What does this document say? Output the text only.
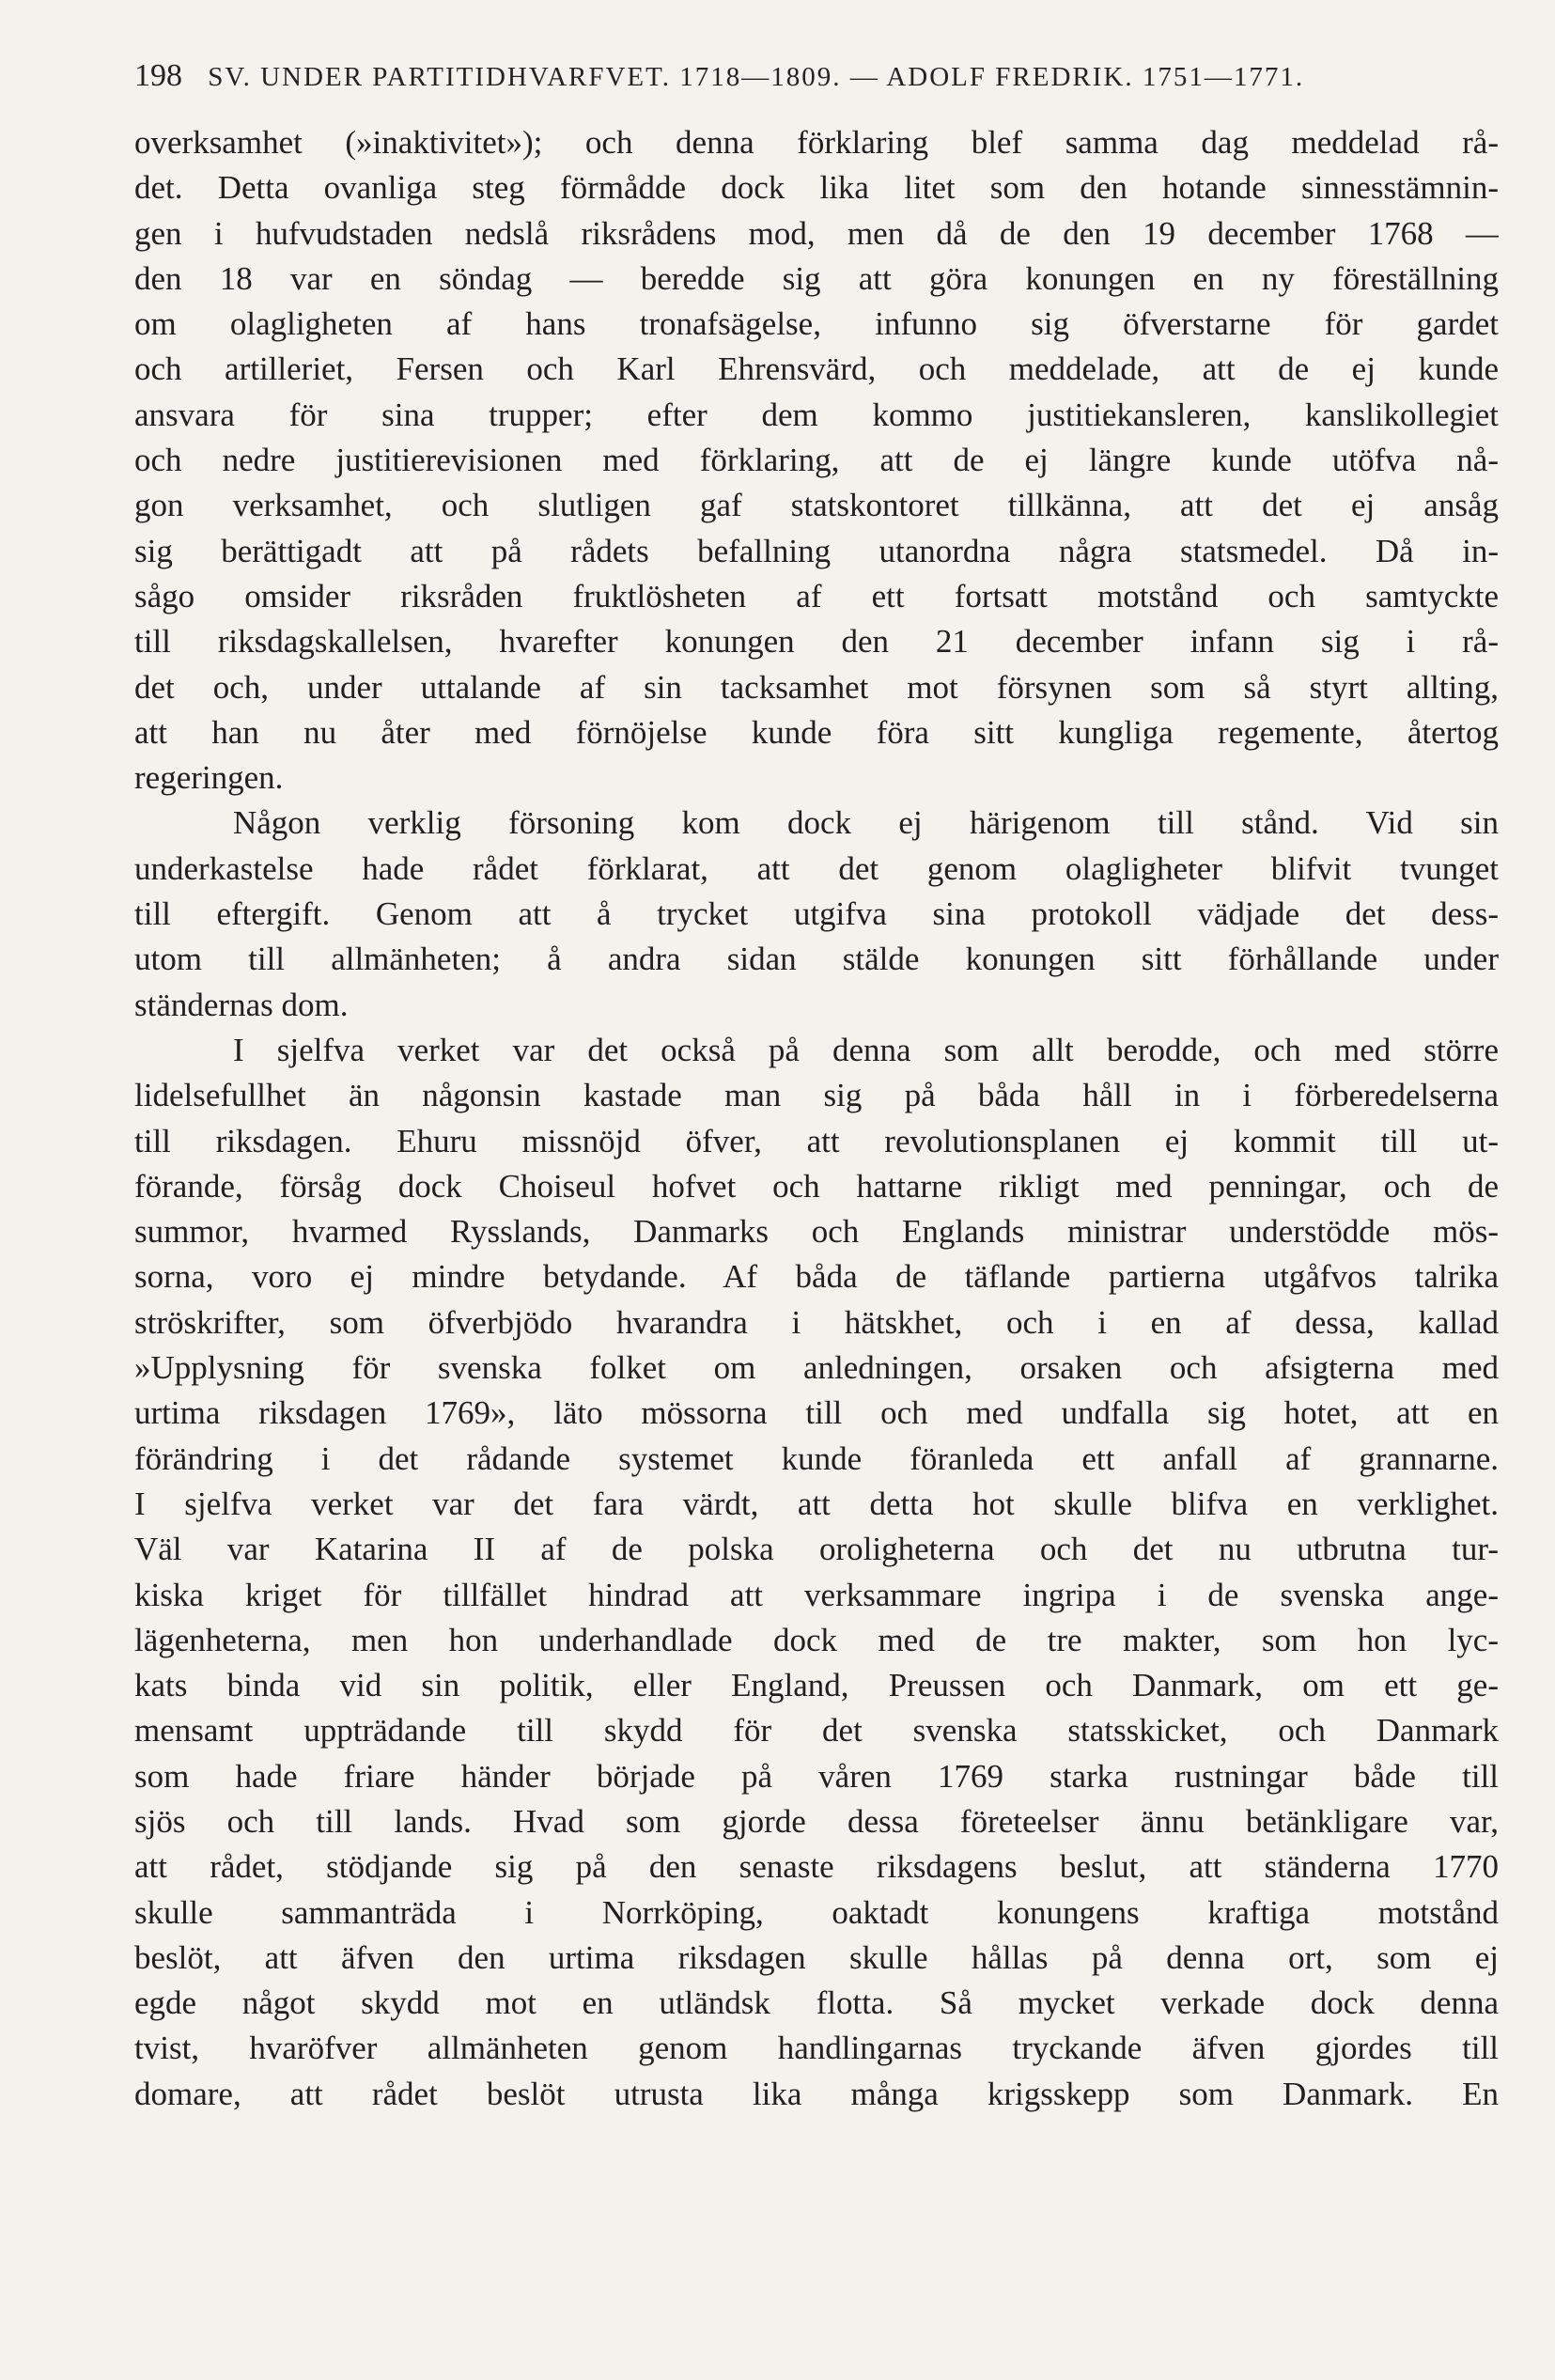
198 SV. UNDER PARTITIDHVARFVET. 1718—1809. — ADOLF FREDRIK. 1751—1771.
overksamhet (»inaktivitet»); och denna förklaring blef samma dag meddelad rå-
det. Detta ovanliga steg förmådde dock lika litet som den hotande sinnesstämnin-
gen i hufvudstaden nedslå riksrådens mod, men då de den 19 december 1768 —
den 18 var en söndag — beredde sig att göra konungen en ny föreställning
om olagligheten af hans tronafsägelse, infunno sig öfverstarne för gardet
och artilleriet, Fersen och Karl Ehrensvärd, och meddelade, att de ej kunde
ansvara för sina trupper; efter dem kommo justitiekansleren, kanslikollegiet
och nedre justitierevisionen med förklaring, att de ej längre kunde utöfva nå-
gon verksamhet, och slutligen gaf statskontoret tillkänna, att det ej ansåg
sig berättigadt att på rådets befallning utanordna några statsmedel. Då in-
sågo omsider riksråden fruktlösheten af ett fortsatt motstånd och samtyckte
till riksdagskallelsen, hvarefter konungen den 21 december infann sig i rå-
det och, under uttalande af sin tacksamhet mot försynen som så styrt allting,
att han nu åter med förnöjelse kunde föra sitt kungliga regemente, återtog
regeringen.
Någon verklig försoning kom dock ej härigenom till stånd. Vid sin
underkastelse hade rådet förklarat, att det genom olagligheter blifvit tvunget
till eftergift. Genom att å trycket utgifva sina protokoll vädjade det dess-
utom till allmänheten; å andra sidan stälde konungen sitt förhållande under
ständernas dom.
I sjelfva verket var det också på denna som allt berodde, och med större
lidelsefullhet än någonsin kastade man sig på båda håll in i förberedelserna
till riksdagen. Ehuru missnöjd öfver, att revolutionsplanen ej kommit till ut-
förande, försåg dock Choiseul hofvet och hattarne rikligt med penningar, och de
summor, hvarmed Rysslands, Danmarks och Englands ministrar understödde mös-
sorna, voro ej mindre betydande. Af båda de täflande partierna utgåfvos talrika
ströskrifter, som öfverbjödo hvarandra i hätskhet, och i en af dessa, kallad
»Upplysning för svenska folket om anledningen, orsaken och afsigterna med
urtima riksdagen 1769», läto mössorna till och med undfalla sig hotet, att en
förändring i det rådande systemet kunde föranleda ett anfall af grannarne.
I sjelfva verket var det fara värdt, att detta hot skulle blifva en verklighet.
Väl var Katarina II af de polska oroligheterna och det nu utbrutna tur-
kiska kriget för tillfället hindrad att verksammare ingripa i de svenska ange-
lägenheterna, men hon underhandlade dock med de tre makter, som hon lyc-
kats binda vid sin politik, eller England, Preussen och Danmark, om ett ge-
mensamt uppträdande till skydd för det svenska statsskicket, och Danmark
som hade friare händer började på våren 1769 starka rustningar både till
sjös och till lands. Hvad som gjorde dessa företeelser ännu betänkligare var,
att rådet, stödjande sig på den senaste riksdagens beslut, att ständerna 1770
skulle sammanträda i Norrköping, oaktadt konungens kraftiga motstånd
beslöt, att äfven den urtima riksdagen skulle hållas på denna ort, som ej
egde något skydd mot en utländsk flotta. Så mycket verkade dock denna
tvist, hvaröfver allmänheten genom handlingarnas tryckande äfven gjordes till
domare, att rådet beslöt utrusta lika många krigsskepp som Danmark. En
